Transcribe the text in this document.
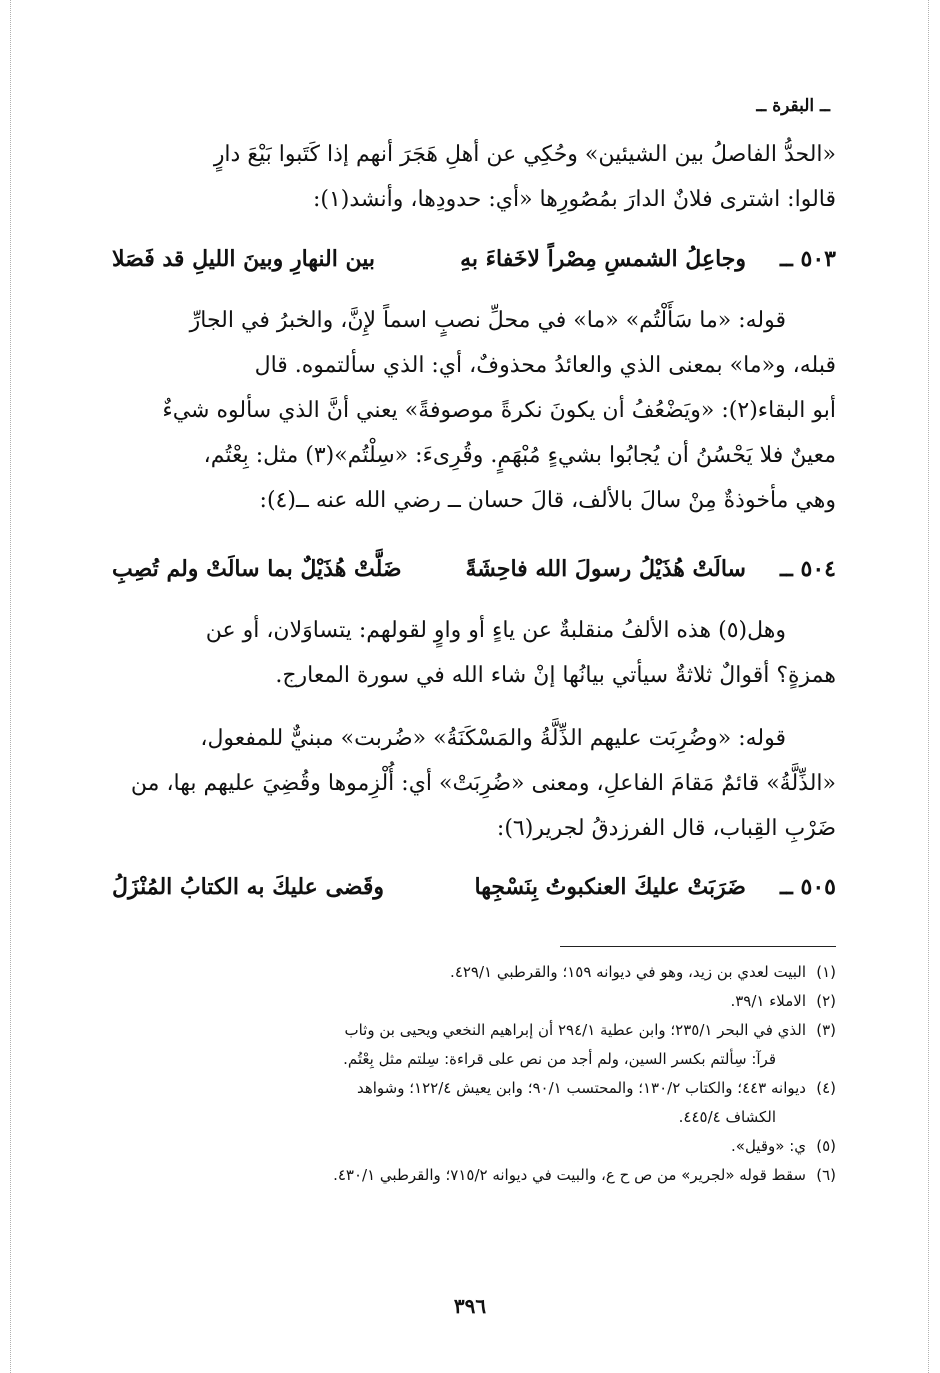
ــ البقرة ــ

«الحدُّ الفاصلُ بين الشيئين» وحُكِي عن أهلِ هَجَرَ أنهم إذا كَتَبوا بَيْعَ دارٍ

قالوا: اشترى فلانٌ الدارَ بمُصُورِها «أي: حدودِها، وأنشد(١):

٥٠٣ ــ
وجاعِلُ الشمسِ مِصْراً لاخَفاءَ بهِ
بين النهارِ وبينَ الليلِ قد فَصَلا

قوله: «ما سَأَلْتُم» «ما» في محلِّ نصبٍ اسماً لإِنَّ، والخبرُ في الجارِّ

قبله، و«ما» بمعنى الذي والعائدُ محذوفٌ، أي: الذي سألتموه. قال

أبو البقاء(٢): «ويَضْعُفُ أن يكونَ نكرةً موصوفةً» يعني أنَّ الذي سألوه شيءٌ

معينٌ فلا يَحْسُنُ أن يُجابُوا بشيءٍ مُبْهَمٍ. وقُرِىءَ: «سِلْتُم»(٣) مثل: بِعْتُم،

وهي مأخوذةٌ مِنْ سالَ بالألف، قالَ حسان ــ رضي الله عنه ــ(٤):

٥٠٤ ــ
سالَتْ هُذَيْلُ رسولَ الله فاحِشَةً
ضَلَّتْ هُذَيْلٌ بما سالَتْ ولم تُصِبِ

وهل(٥) هذه الألفُ منقلبةٌ عن ياءٍ أو واوٍ لقولهم: يتساوَلان، أو عن

همزةٍ؟ أقوالٌ ثلاثةٌ سيأتي بيانُها إنْ شاء الله في سورة المعارج.

قوله: «وضُرِبَت عليهم الذِّلَّةُ والمَسْكَنَةُ» «ضُربت» مبنيٌّ للمفعول،

«الذِّلَّةُ» قائمٌ مَقامَ الفاعلِ، ومعنى «ضُرِبَتْ» أي: أُلْزِموها وقُضِيَ عليهم بها، من

ضَرْبِ القِباب، قال الفرزدقُ لجرير(٦):

٥٠٥ ــ
ضَرَبَتْ عليكَ العنكبوتُ بِنَسْجِها
وقَضى عليكَ به الكتابُ المُنْزَلُ

(١)
البيت لعدي بن زيد، وهو في ديوانه ١٥٩؛ والقرطبي ٤٢٩/١.

(٢)
الاملاء ٣٩/١.

(٣)
الذي في البحر ٢٣٥/١؛ وابن عطية ٢٩٤/١ أن إبراهيم النخعي ويحيى بن وثاب

قرآ: سِألتم بكسر السين، ولم أجد من نص على قراءة: سِلتم مثل بِعْتُم.

(٤)
ديوانه ٤٤٣؛ والكتاب ١٣٠/٢؛ والمحتسب ٩٠/١؛ وابن يعيش ١٢٢/٤؛ وشواهد

الكشاف ٤٤٥/٤.

(٥)
ي: «وقيل».

(٦)
سقط قوله «لجرير» من ص ح ع، والبيت في ديوانه ٧١٥/٢؛ والقرطبي ٤٣٠/١.

٣٩٦
